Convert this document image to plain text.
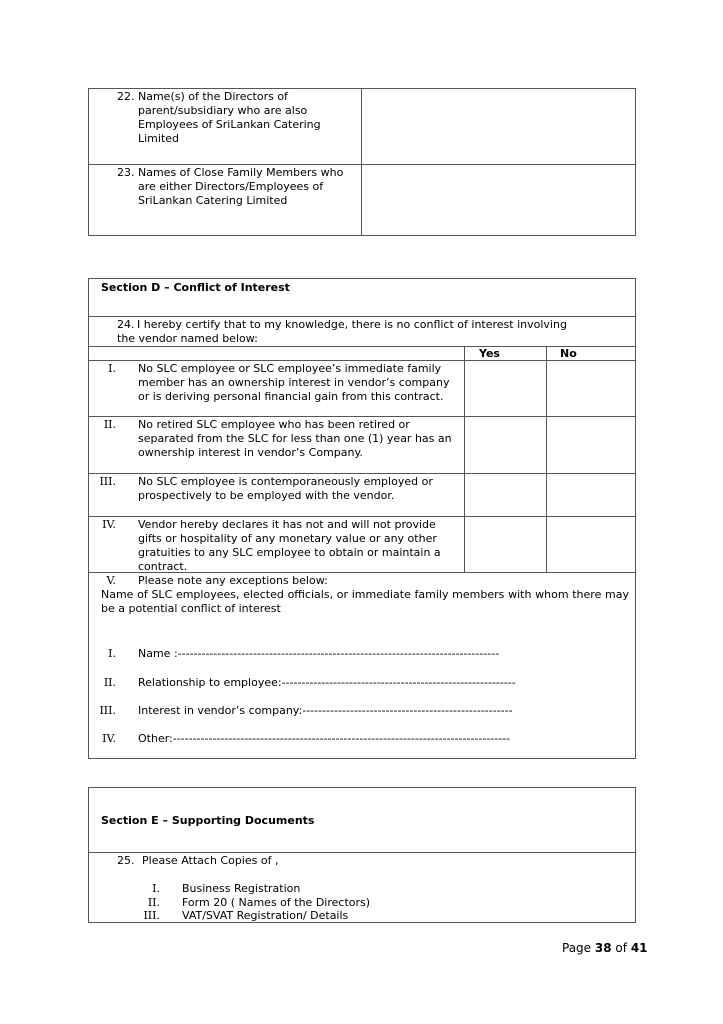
22. Name(s) of the Directors of parent/subsidiary who are also Employees of SriLankan Catering Limited
23. Names of Close Family Members who are either Directors/Employees of SriLankan Catering Limited
Section D – Conflict of Interest
24. I hereby certify that to my knowledge, there is no conflict of interest involving the vendor named below:
Yes	No
I. No SLC employee or SLC employee’s immediate family member has an ownership interest in vendor’s company or is deriving personal financial gain from this contract.
II. No retired SLC employee who has been retired or separated from the SLC for less than one (1) year has an ownership interest in vendor’s Company.
III. No SLC employee is contemporaneously employed or prospectively to be employed with the vendor.
IV. Vendor hereby declares it has not and will not provide gifts or hospitality of any monetary value or any other gratuities to any SLC employee to obtain or maintain a contract.
V. Please note any exceptions below:
Name of SLC employees, elected officials, or immediate family members with whom there may be a potential conflict of interest
I. Name :---------------------------------------------------------------------------------
II. Relationship to employee:-----------------------------------------------------------
III. Interest in vendor’s company:-----------------------------------------------------
IV. Other:-------------------------------------------------------------------------------------
Section E – Supporting Documents
25. Please Attach Copies of ,
I. Business Registration
II. Form 20 ( Names of the Directors)
III. VAT/SVAT Registration/ Details
Page 38 of 41
